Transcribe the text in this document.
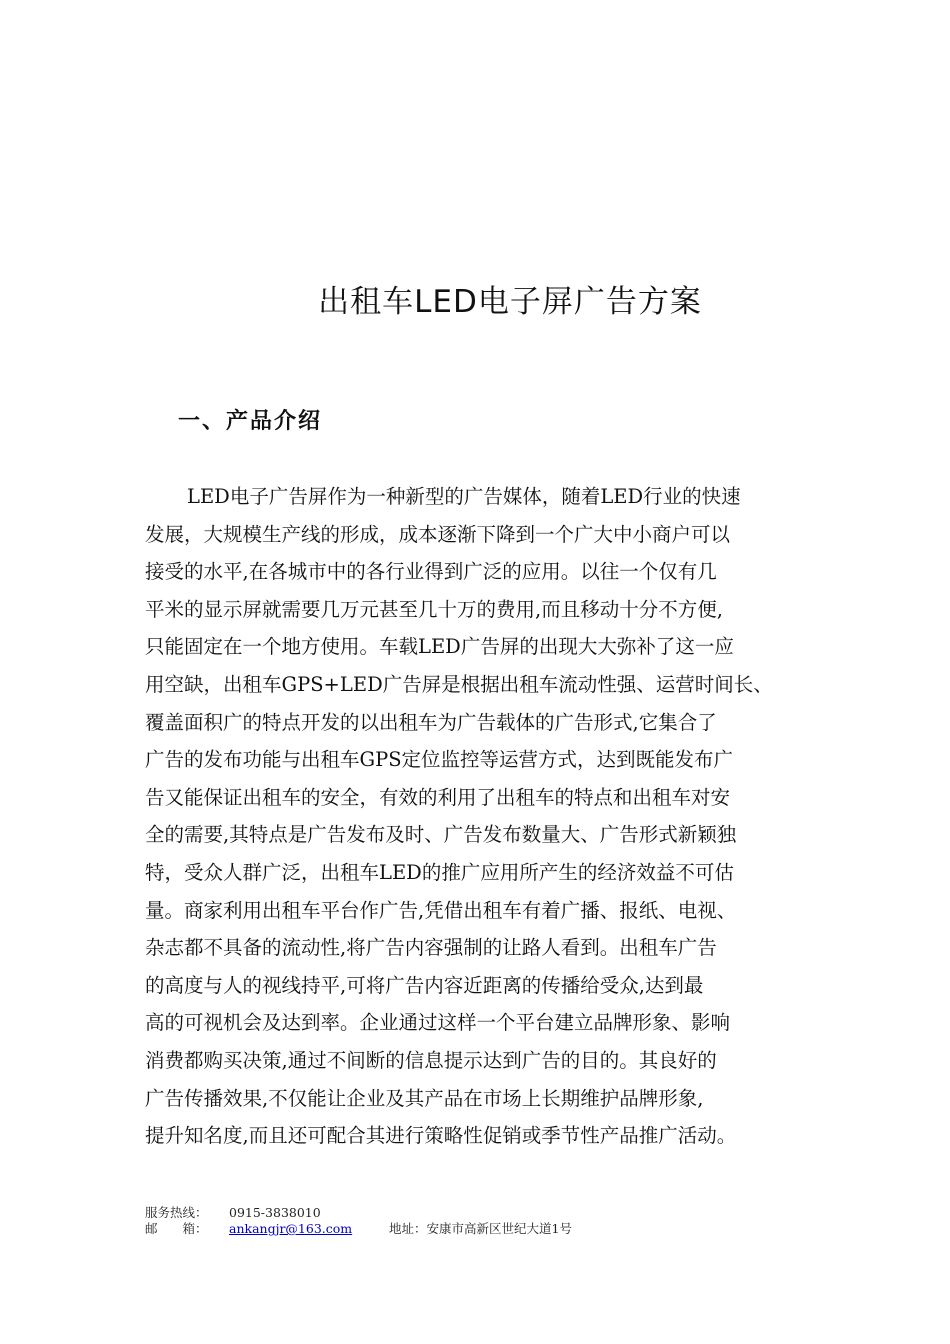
出租车LED电子屏广告方案
一、产品介绍

LED电子广告屏作为一种新型的广告媒体，随着LED行业的快速
发展，大规模生产线的形成，成本逐渐下降到一个广大中小商户可以
接受的水平,在各城市中的各行业得到广泛的应用。以往一个仅有几
平米的显示屏就需要几万元甚至几十万的费用,而且移动十分不方便,
只能固定在一个地方使用。车载LED广告屏的出现大大弥补了这一应
用空缺，出租车GPS+LED广告屏是根据出租车流动性强、运营时间长、
覆盖面积广的特点开发的以出租车为广告载体的广告形式,它集合了
广告的发布功能与出租车GPS定位监控等运营方式，达到既能发布广
告又能保证出租车的安全，有效的利用了出租车的特点和出租车对安
全的需要,其特点是广告发布及时、广告发布数量大、广告形式新颖独
特，受众人群广泛，出租车LED的推广应用所产生的经济效益不可估
量。商家利用出租车平台作广告,凭借出租车有着广播、报纸、电视、
杂志都不具备的流动性,将广告内容强制的让路人看到。出租车广告
的高度与人的视线持平,可将广告内容近距离的传播给受众,达到最
高的可视机会及达到率。企业通过这样一个平台建立品牌形象、影响
消费都购买决策,通过不间断的信息提示达到广告的目的。其良好的
广告传播效果,不仅能让企业及其产品在市场上长期维护品牌形象,
提升知名度,而且还可配合其进行策略性促销或季节性产品推广活动。

服务热线：	0915-3838010
邮　　箱：	ankangjr@163.com	地址：安康市高新区世纪大道1号
